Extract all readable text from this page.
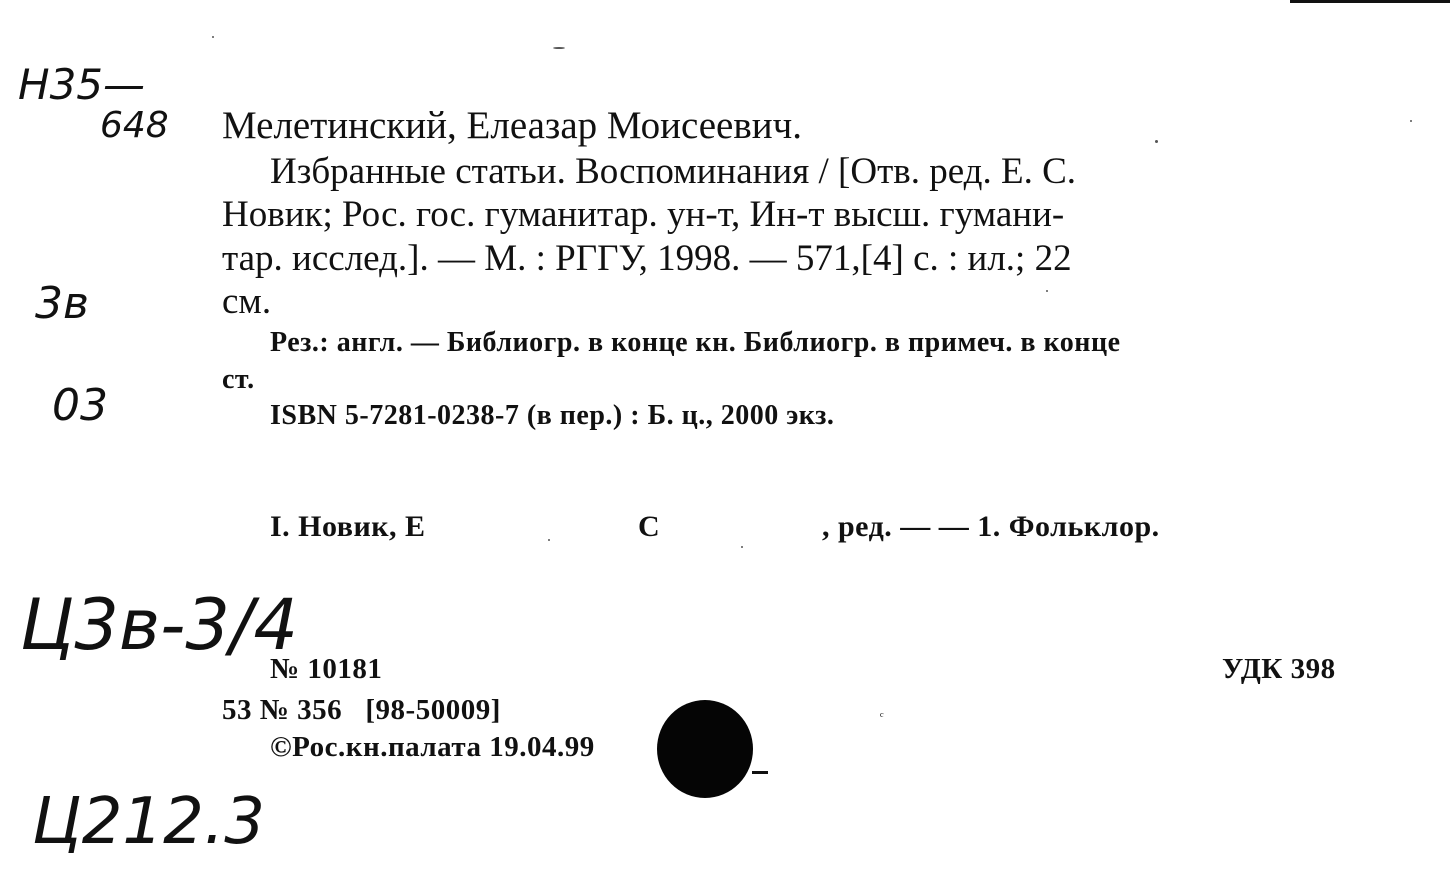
Н35—
648
3в
03
Ц3в-3/4
Ц212.3
Мелетинский, Елеазар Моисеевич.
Избранные статьи. Воспоминания / [Отв. ред. Е. С.
Новик; Рос. гос. гуманитар. ун-т, Ин-т высш. гумани-
тар. исслед.]. — М. : РГГУ, 1998. — 571,[4] с. : ил.; 22
см.
Рез.: англ. — Библиогр. в конце кн. Библиогр. в примеч. в конце
ст.
ISBN 5-7281-0238-7 (в пер.) : Б. ц., 2000 экз.
I. Новик, Е	С	, ред. — — 1. Фольклор.
№ 10181	УДК 398
53 № 356   [98-50009]
©Рос.кн.палата 19.04.99
ᶜ
